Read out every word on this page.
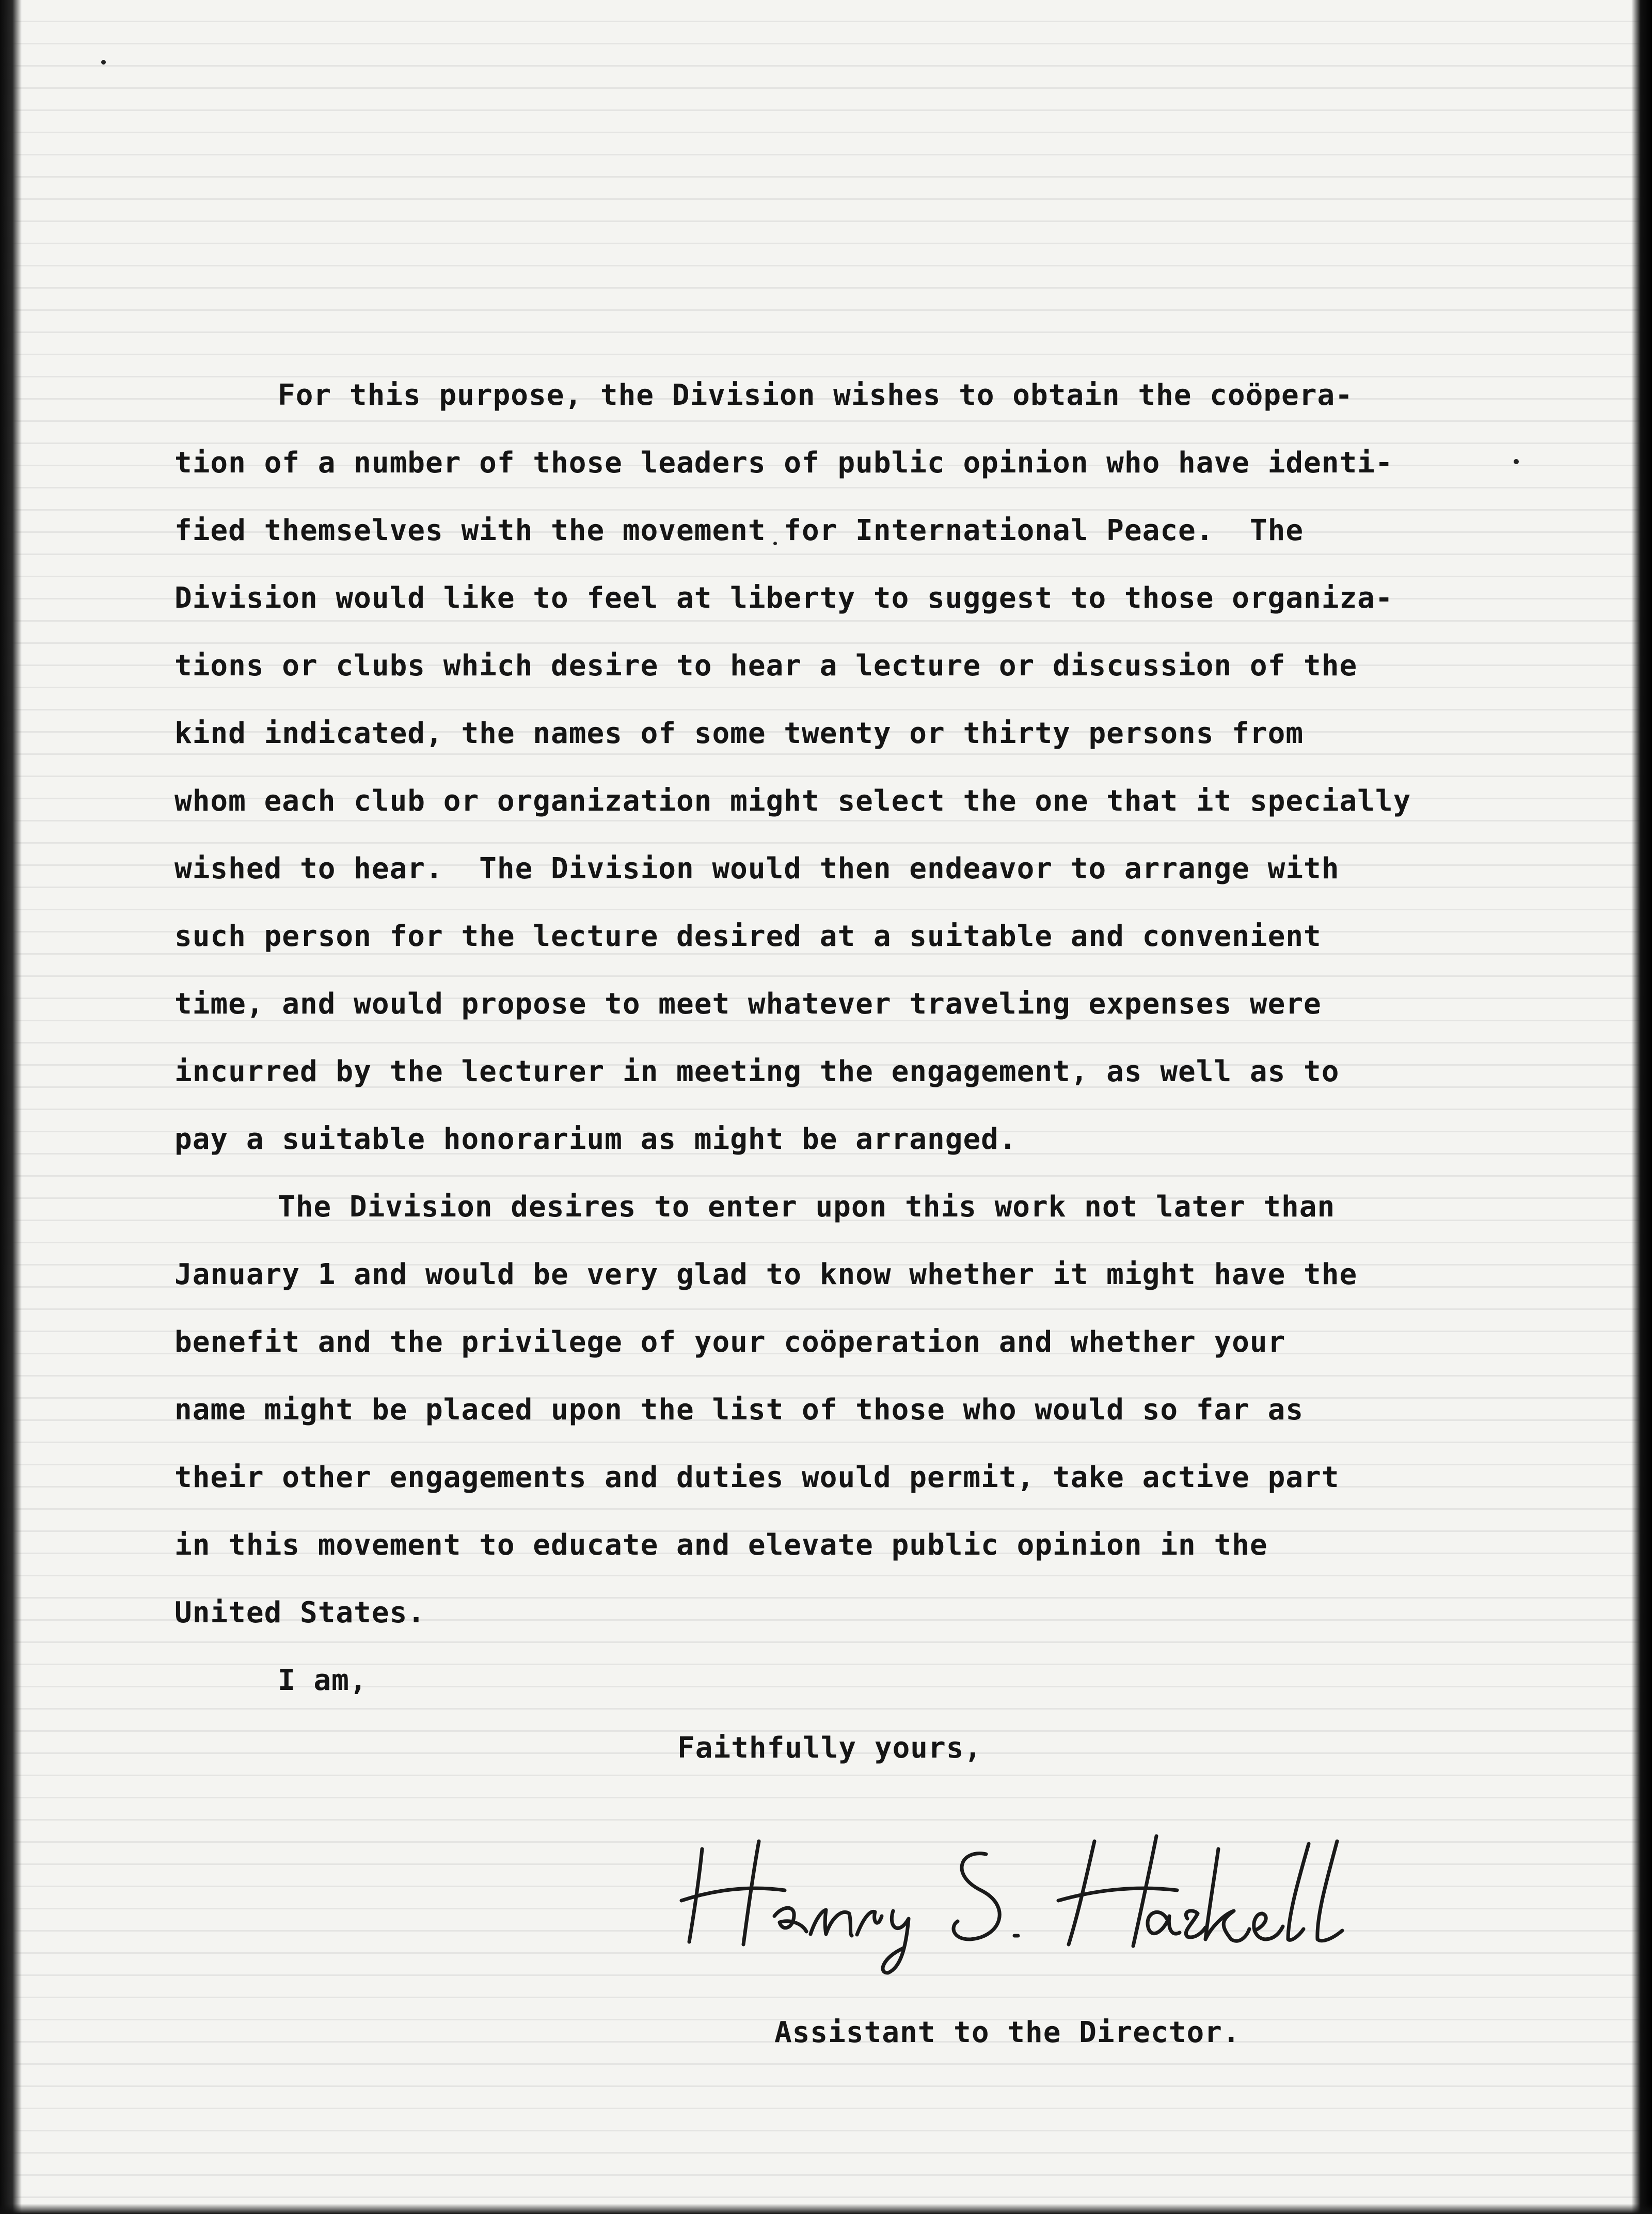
For this purpose, the Division wishes to obtain the coöpera-
tion of a number of those leaders of public opinion who have identi-
fied themselves with the movement for International Peace.  The
Division would like to feel at liberty to suggest to those organiza-
tions or clubs which desire to hear a lecture or discussion of the
kind indicated, the names of some twenty or thirty persons from
whom each club or organization might select the one that it specially
wished to hear.  The Division would then endeavor to arrange with
such person for the lecture desired at a suitable and convenient
time, and would propose to meet whatever traveling expenses were
incurred by the lecturer in meeting the engagement, as well as to
pay a suitable honorarium as might be arranged.
The Division desires to enter upon this work not later than
January 1 and would be very glad to know whether it might have the
benefit and the privilege of your coöperation and whether your
name might be placed upon the list of those who would so far as
their other engagements and duties would permit, take active part
in this movement to educate and elevate public opinion in the
United States.
I am,
Faithfully yours,
Assistant to the Director.
